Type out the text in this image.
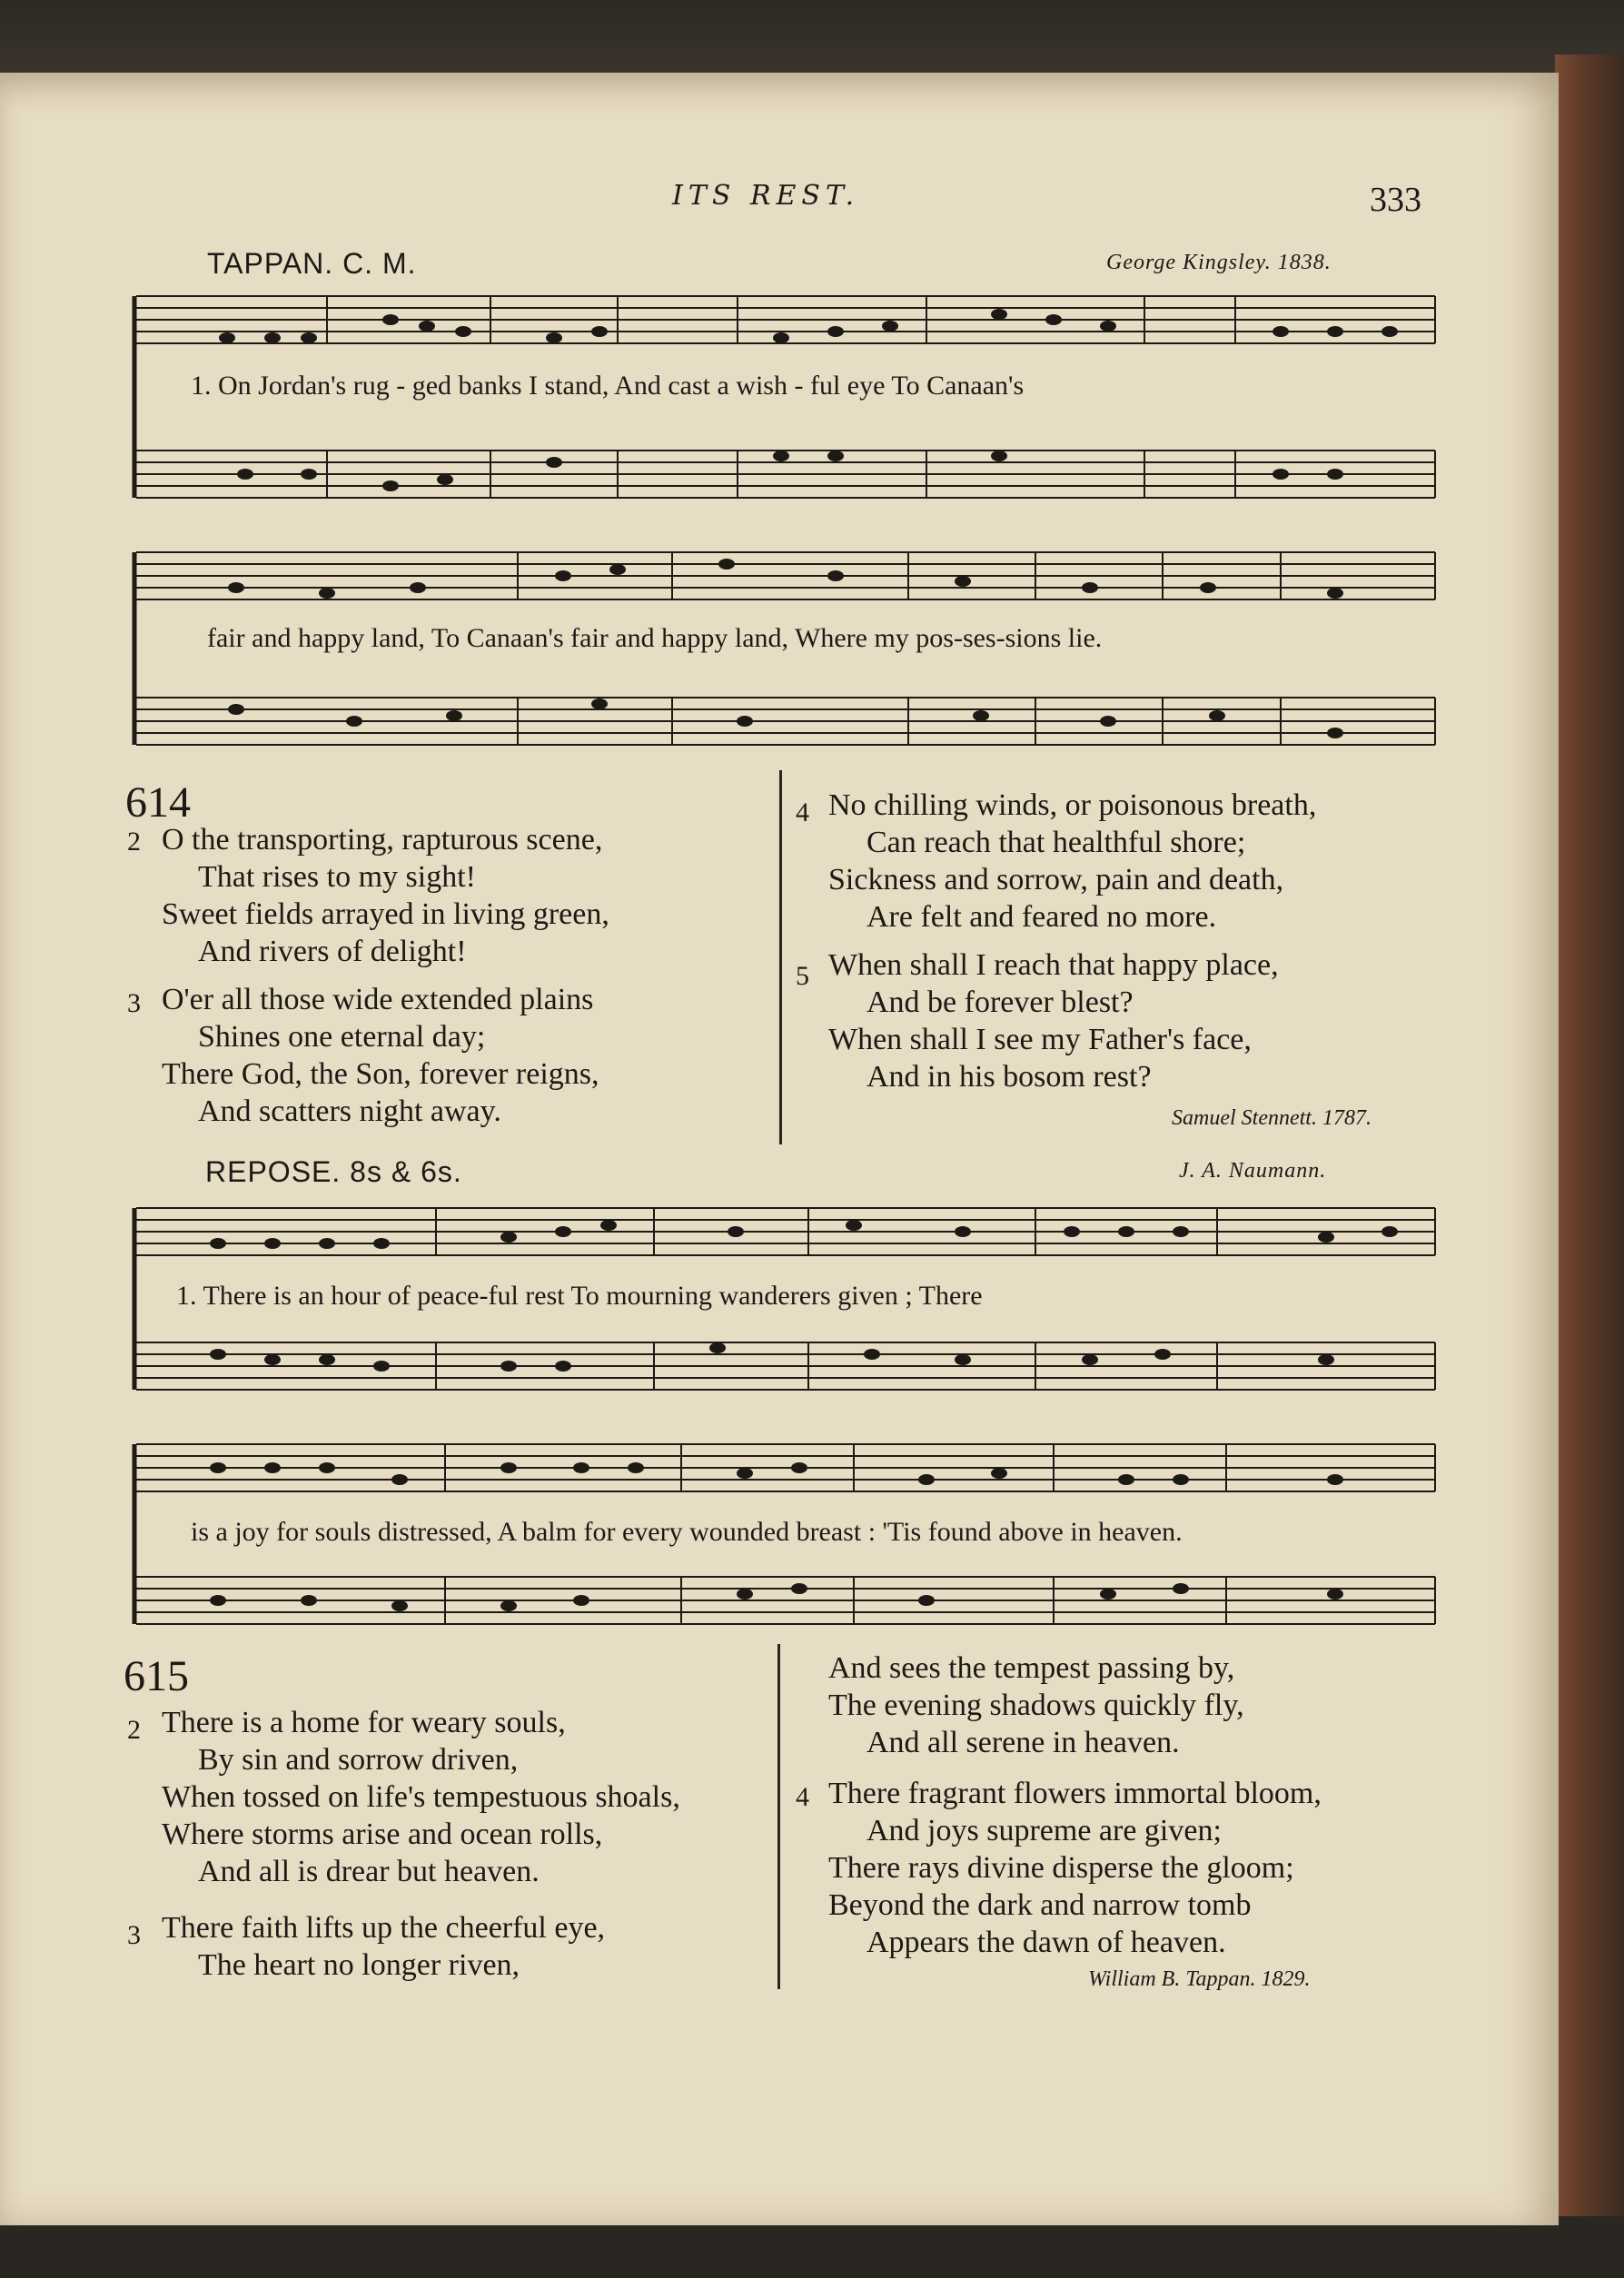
ITS REST.	333
TAPPAN. C. M.	George Kingsley. 1838.
1. On Jordan's rug - ged banks I stand, And cast a wish - ful eye To Canaan's
fair and happy land, To Canaan's fair and happy land, Where my pos-ses-sions lie.
614
2 O the transporting, rapturous scene,
That rises to my sight!
Sweet fields arrayed in living green,
And rivers of delight!
3 O'er all those wide extended plains
Shines one eternal day;
There God, the Son, forever reigns,
And scatters night away.
4 No chilling winds, or poisonous breath,
Can reach that healthful shore;
Sickness and sorrow, pain and death,
Are felt and feared no more.
5 When shall I reach that happy place,
And be forever blest?
When shall I see my Father's face,
And in his bosom rest?
Samuel Stennett. 1787.
REPOSE. 8s & 6s.	J. A. Naumann.
1. There is an hour of peace-ful rest To mourning wanderers given ; There
is a joy for souls distressed, A balm for every wounded breast : 'Tis found above in heaven.
615
2 There is a home for weary souls,
By sin and sorrow driven,
When tossed on life's tempestuous shoals,
Where storms arise and ocean rolls,
And all is drear but heaven.
3 There faith lifts up the cheerful eye,
The heart no longer riven,
And sees the tempest passing by,
The evening shadows quickly fly,
And all serene in heaven.
4 There fragrant flowers immortal bloom,
And joys supreme are given;
There rays divine disperse the gloom;
Beyond the dark and narrow tomb
Appears the dawn of heaven.
William B. Tappan. 1829.
